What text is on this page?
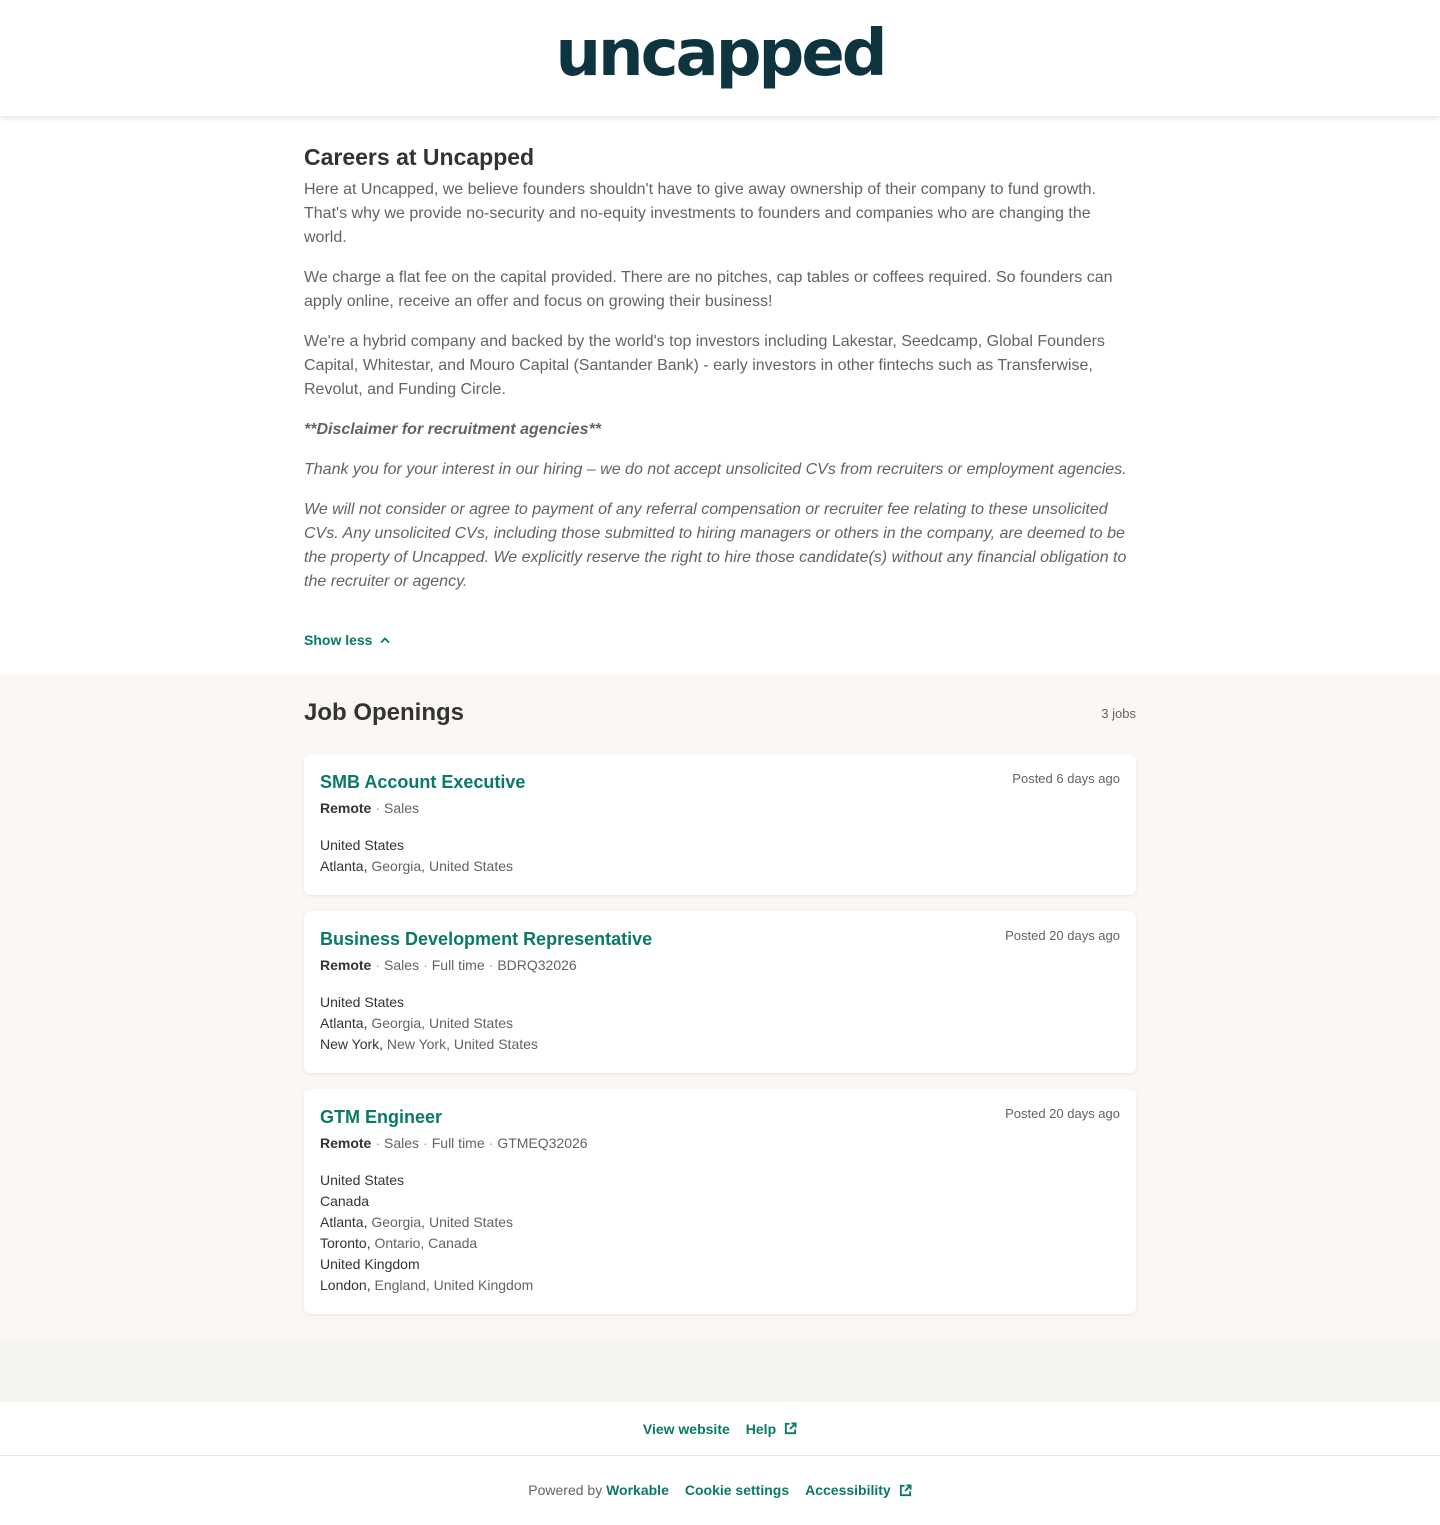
uncapped
Careers at Uncapped

Here at Uncapped, we believe founders shouldn't have to give away ownership of their company to fund growth. That's why we provide no-security and no-equity investments to founders and companies who are changing the world.

We charge a flat fee on the capital provided. There are no pitches, cap tables or coffees required. So founders can apply online, receive an offer and focus on growing their business!

We're a hybrid company and backed by the world's top investors including Lakestar, Seedcamp, Global Founders Capital, Whitestar, and Mouro Capital (Santander Bank) - early investors in other fintechs such as Transferwise, Revolut, and Funding Circle.

**Disclaimer for recruitment agencies**

Thank you for your interest in our hiring – we do not accept unsolicited CVs from recruiters or employment agencies.

We will not consider or agree to payment of any referral compensation or recruiter fee relating to these unsolicited CVs. Any unsolicited CVs, including those submitted to hiring managers or others in the company, are deemed to be the property of Uncapped. We explicitly reserve the right to hire those candidate(s) without any financial obligation to the recruiter or agency.

Show less
Job Openings	3 jobs
SMB Account Executive	Posted 6 days ago
Remote · Sales
United States
Atlanta, Georgia, United States
Business Development Representative	Posted 20 days ago
Remote · Sales · Full time · BDRQ32026
United States
Atlanta, Georgia, United States
New York, New York, United States
GTM Engineer	Posted 20 days ago
Remote · Sales · Full time · GTMEQ32026
United States
Canada
Atlanta, Georgia, United States
Toronto, Ontario, Canada
United Kingdom
London, England, United Kingdom
View website Help
Powered by Workable Cookie settings Accessibility
